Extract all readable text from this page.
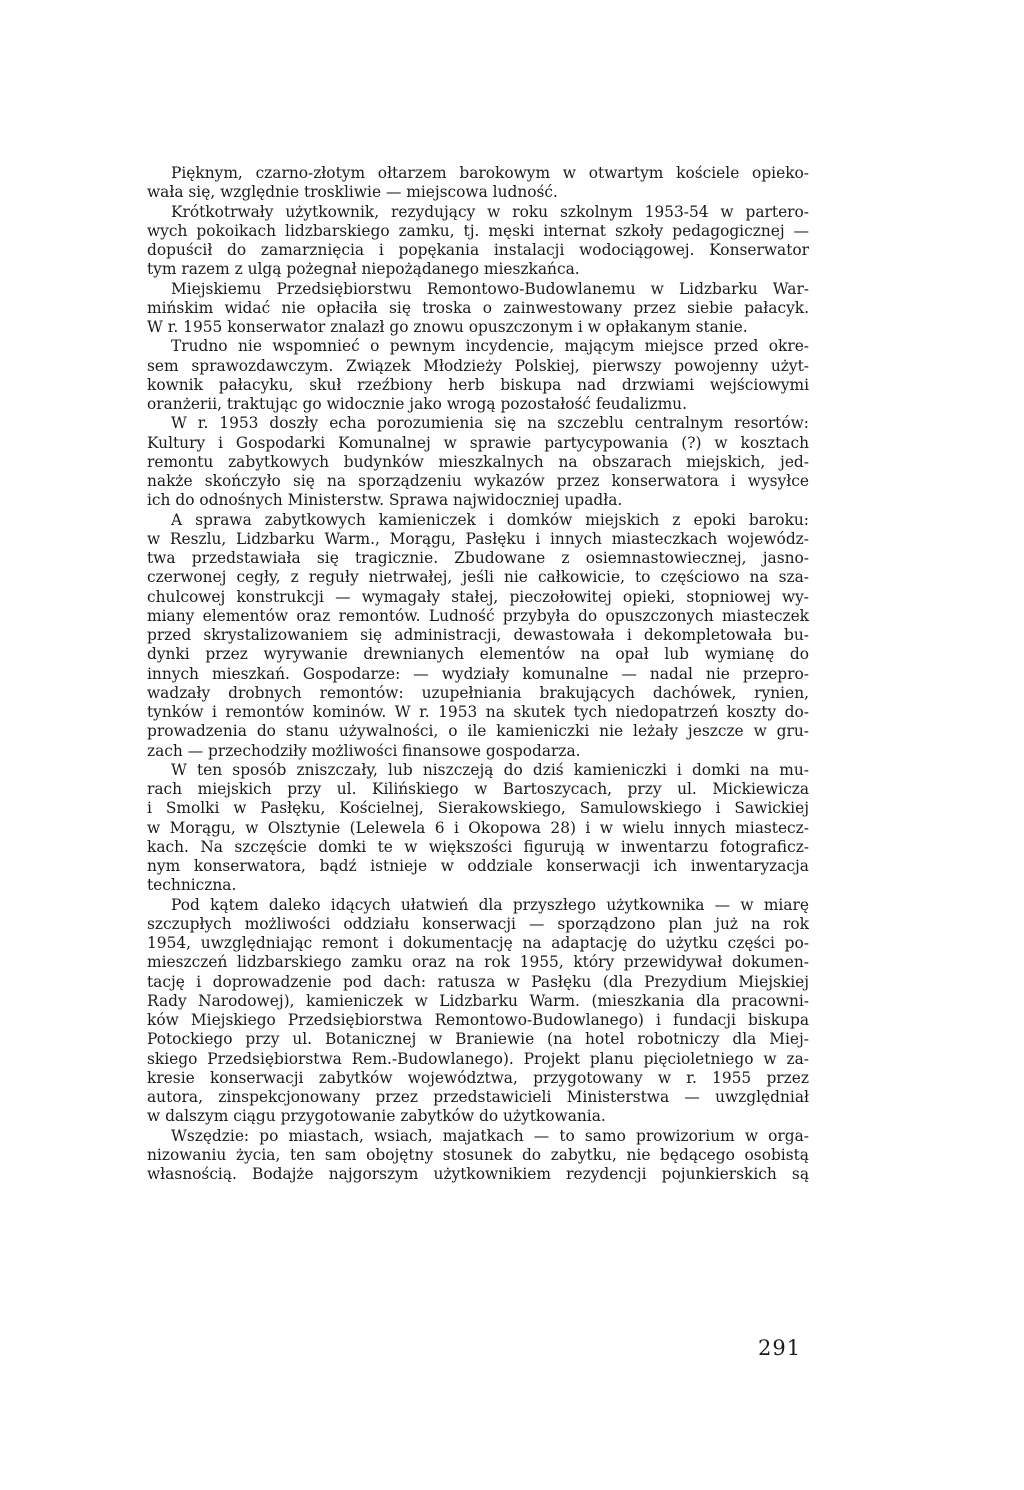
Pięknym, czarno-złotym ołtarzem barokowym w otwartym kościele opieko-
wała się, względnie troskliwie — miejscowa ludność.
Krótkotrwały użytkownik, rezydujący w roku szkolnym 1953-54 w partero-
wych pokoikach lidzbarskiego zamku, tj. męski internat szkoły pedagogicznej —
dopuścił do zamarznięcia i popękania instalacji wodociągowej. Konserwator
tym razem z ulgą pożegnał niepożądanego mieszkańca.
Miejskiemu Przedsiębiorstwu Remontowo-Budowlanemu w Lidzbarku War-
mińskim widać nie opłaciła się troska o zainwestowany przez siebie pałacyk.
W r. 1955 konserwator znalazł go znowu opuszczonym i w opłakanym stanie.
Trudno nie wspomnieć o pewnym incydencie, mającym miejsce przed okre-
sem sprawozdawczym. Związek Młodzieży Polskiej, pierwszy powojenny użyt-
kownik pałacyku, skuł rzeźbiony herb biskupa nad drzwiami wejściowymi
oranżerii, traktując go widocznie jako wrogą pozostałość feudalizmu.
W r. 1953 doszły echa porozumienia się na szczeblu centralnym resortów:
Kultury i Gospodarki Komunalnej w sprawie partycypowania (?) w kosztach
remontu zabytkowych budynków mieszkalnych na obszarach miejskich, jed-
nakże skończyło się na sporządzeniu wykazów przez konserwatora i wysyłce
ich do odnośnych Ministerstw. Sprawa najwidoczniej upadła.
A sprawa zabytkowych kamieniczek i domków miejskich z epoki baroku:
w Reszlu, Lidzbarku Warm., Morągu, Pasłęku i innych miasteczkach wojewódz-
twa przedstawiała się tragicznie. Zbudowane z osiemnastowiecznej, jasno-
czerwonej cegły, z reguły nietrwałej, jeśli nie całkowicie, to częściowo na sza-
chulcowej konstrukcji — wymagały stałej, pieczołowitej opieki, stopniowej wy-
miany elementów oraz remontów. Ludność przybyła do opuszczonych miasteczek
przed skrystalizowaniem się administracji, dewastowała i dekompletowała bu-
dynki przez wyrywanie drewnianych elementów na opał lub wymianę do
innych mieszkań. Gospodarze: — wydziały komunalne — nadal nie przepro-
wadzały drobnych remontów: uzupełniania brakujących dachówek, rynien,
tynków i remontów kominów. W r. 1953 na skutek tych niedopatrzeń koszty do-
prowadzenia do stanu używalności, o ile kamieniczki nie leżały jeszcze w gru-
zach — przechodziły możliwości finansowe gospodarza.
W ten sposób zniszczały, lub niszczeją do dziś kamieniczki i domki na mu-
rach miejskich przy ul. Kilińskiego w Bartoszycach, przy ul. Mickiewicza
i Smolki w Pasłęku, Kościelnej, Sierakowskiego, Samulowskiego i Sawickiej
w Morągu, w Olsztynie (Lelewela 6 i Okopowa 28) i w wielu innych miastecz-
kach. Na szczęście domki te w większości figurują w inwentarzu fotograficz-
nym konserwatora, bądź istnieje w oddziale konserwacji ich inwentaryzacja
techniczna.
Pod kątem daleko idących ułatwień dla przyszłego użytkownika — w miarę
szczupłych możliwości oddziału konserwacji — sporządzono plan już na rok
1954, uwzględniając remont i dokumentację na adaptację do użytku części po-
mieszczeń lidzbarskiego zamku oraz na rok 1955, który przewidywał dokumen-
tację i doprowadzenie pod dach: ratusza w Pasłęku (dla Prezydium Miejskiej
Rady Narodowej), kamieniczek w Lidzbarku Warm. (mieszkania dla pracowni-
ków Miejskiego Przedsiębiorstwa Remontowo-Budowlanego) i fundacji biskupa
Potockiego przy ul. Botanicznej w Braniewie (na hotel robotniczy dla Miej-
skiego Przedsiębiorstwa Rem.-Budowlanego). Projekt planu pięcioletniego w za-
kresie konserwacji zabytków województwa, przygotowany w r. 1955 przez
autora, zinspekcjonowany przez przedstawicieli Ministerstwa — uwzględniał
w dalszym ciągu przygotowanie zabytków do użytkowania.
Wszędzie: po miastach, wsiach, majatkach — to samo prowizorium w orga-
nizowaniu życia, ten sam obojętny stosunek do zabytku, nie będącego osobistą
własnością. Bodajże najgorszym użytkownikiem rezydencji pojunkierskich są
291
